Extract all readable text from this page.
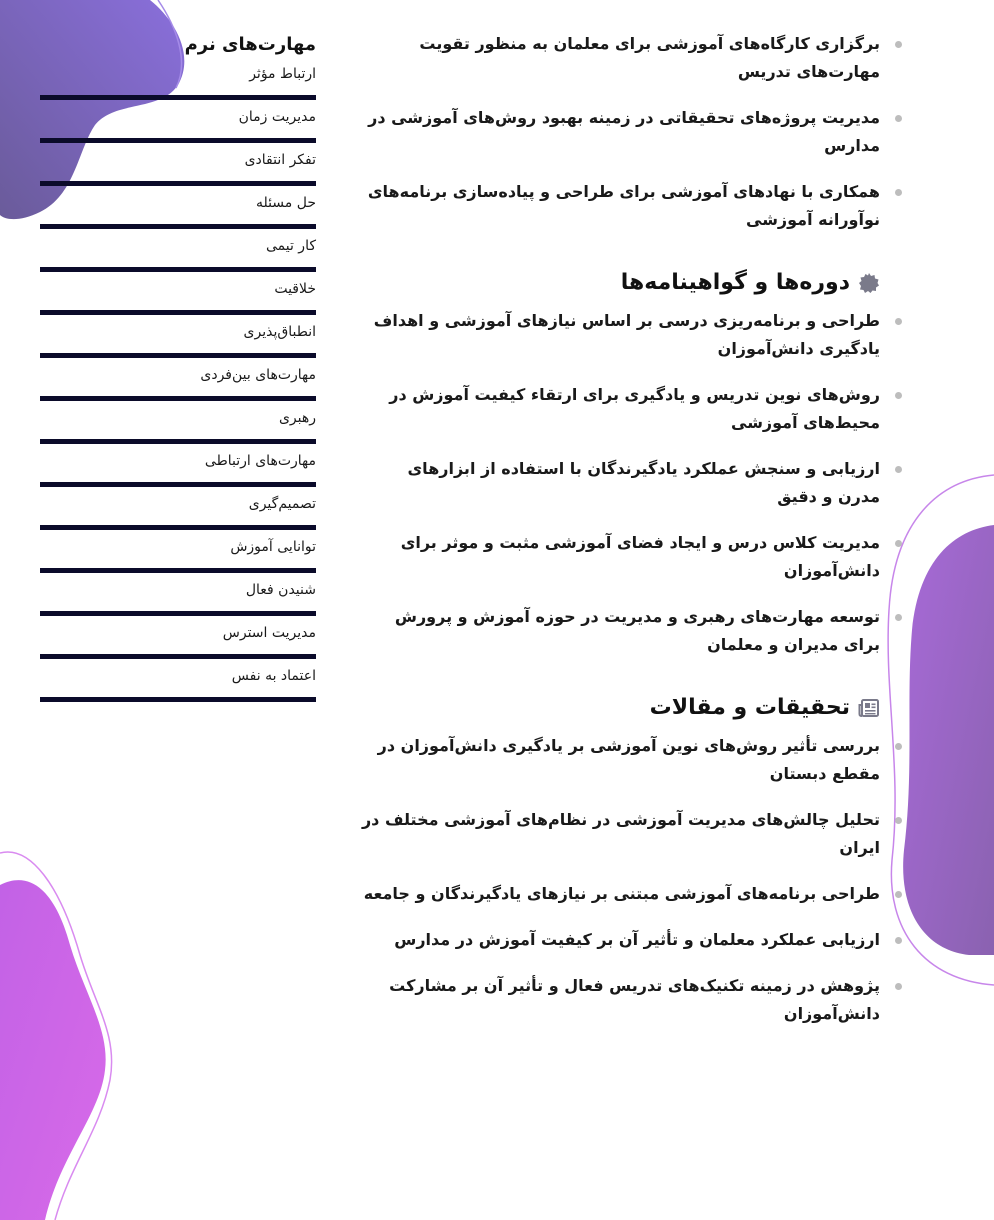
برگزاری کارگاه‌های آموزشی برای معلمان به منظور تقویت مهارت‌های تدریس
مدیریت پروژه‌های تحقیقاتی در زمینه بهبود روش‌های آموزشی در مدارس
همکاری با نهادهای آموزشی برای طراحی و پیاده‌سازی برنامه‌های نوآورانه آموزشی
دوره‌ها و گواهینامه‌ها
طراحی و برنامه‌ریزی درسی بر اساس نیازهای آموزشی و اهداف یادگیری دانش‌آموزان
روش‌های نوین تدریس و یادگیری برای ارتقاء کیفیت آموزش در محیط‌های آموزشی
ارزیابی و سنجش عملکرد یادگیرندگان با استفاده از ابزارهای مدرن و دقیق
مدیریت کلاس درس و ایجاد فضای آموزشی مثبت و موثر برای دانش‌آموزان
توسعه مهارت‌های رهبری و مدیریت در حوزه آموزش و پرورش برای مدیران و معلمان
تحقیقات و مقالات
بررسی تأثیر روش‌های نوین آموزشی بر یادگیری دانش‌آموزان در مقطع دبستان
تحلیل چالش‌های مدیریت آموزشی در نظام‌های آموزشی مختلف در ایران
طراحی برنامه‌های آموزشی مبتنی بر نیازهای یادگیرندگان و جامعه
ارزیابی عملکرد معلمان و تأثیر آن بر کیفیت آموزش در مدارس
پژوهش در زمینه تکنیک‌های تدریس فعال و تأثیر آن بر مشارکت دانش‌آموزان
مهارت‌های نرم
ارتباط مؤثر
مدیریت زمان
تفکر انتقادی
حل مسئله
کار تیمی
خلاقیت
انطباق‌پذیری
مهارت‌های بین‌فردی
رهبری
مهارت‌های ارتباطی
تصمیم‌گیری
توانایی آموزش
شنیدن فعال
مدیریت استرس
اعتماد به نفس
